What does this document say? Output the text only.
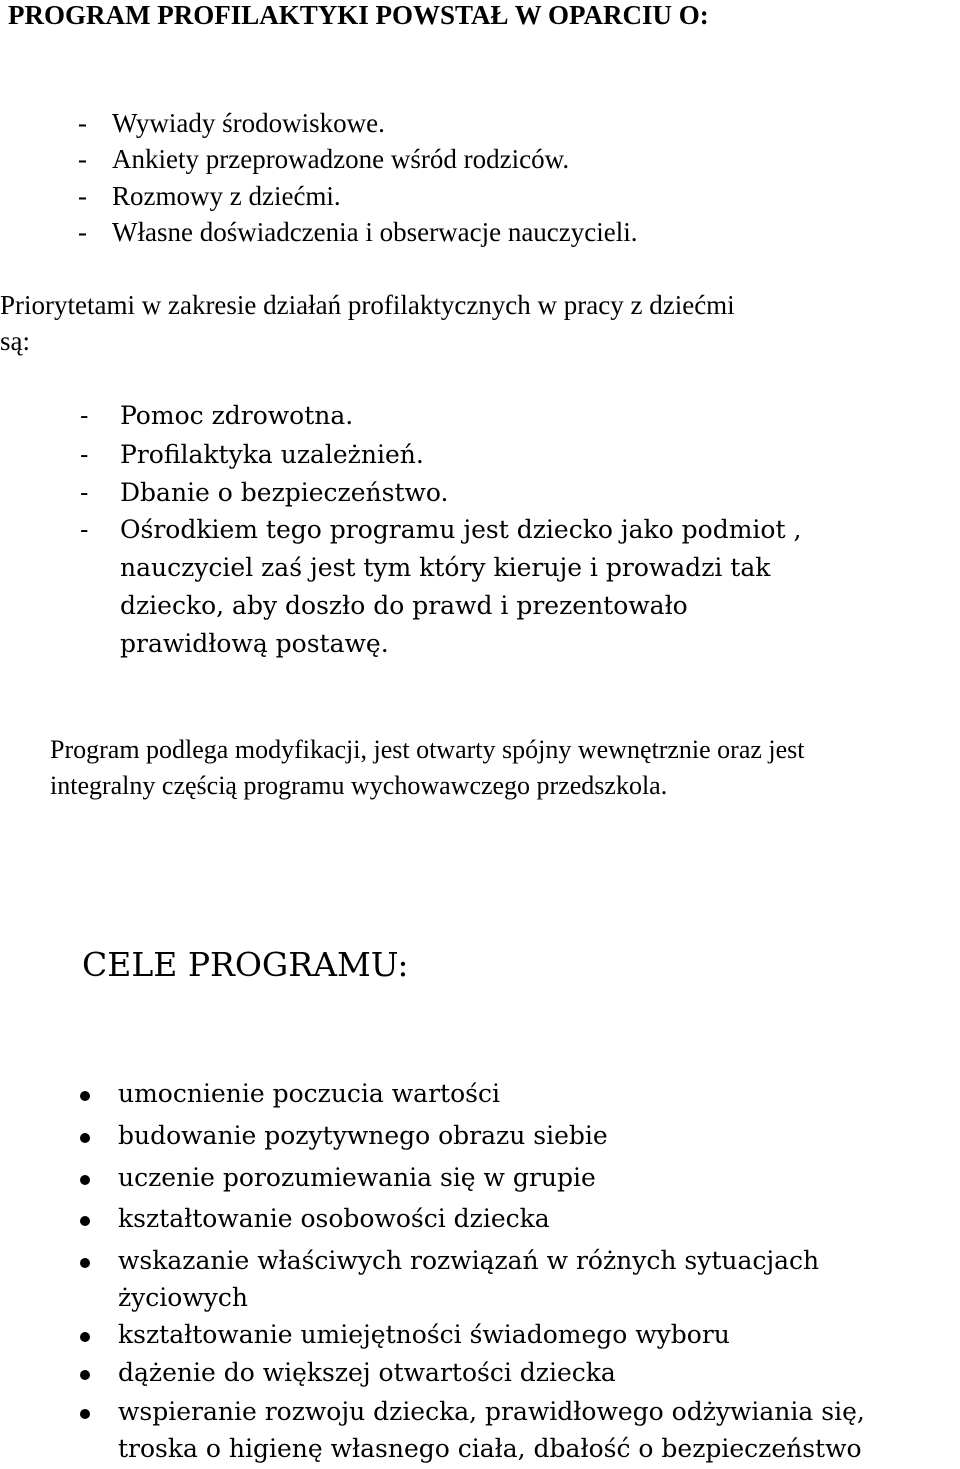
PROGRAM PROFILAKTYKI POWSTAŁ W OPARCIU O:
- Wywiady środowiskowe.
- Ankiety przeprowadzone wśród rodziców.
- Rozmowy z dziećmi.
- Własne doświadczenia i obserwacje nauczycieli.
Priorytetami w zakresie działań profilaktycznych w pracy z dziećmi
są:
- Pomoc zdrowotna.
- Profilaktyka uzależnień.
- Dbanie o bezpieczeństwo.
- Ośrodkiem tego programu jest dziecko jako podmiot ,
nauczyciel zaś jest tym który kieruje i prowadzi tak
dziecko, aby doszło do prawd i prezentowało
prawidłową postawę.
Program podlega modyfikacji, jest otwarty spójny wewnętrznie oraz jest
integralny częścią programu wychowawczego przedszkola.
CELE PROGRAMU:
umocnienie poczucia wartości
budowanie pozytywnego obrazu siebie
uczenie porozumiewania się w grupie
kształtowanie osobowości dziecka
wskazanie właściwych rozwiązań w różnych sytuacjach
życiowych
kształtowanie umiejętności świadomego wyboru
dążenie do większej otwartości dziecka
wspieranie rozwoju dziecka, prawidłowego odżywiania się,
troska o higienę własnego ciała, dbałość o bezpieczeństwo
